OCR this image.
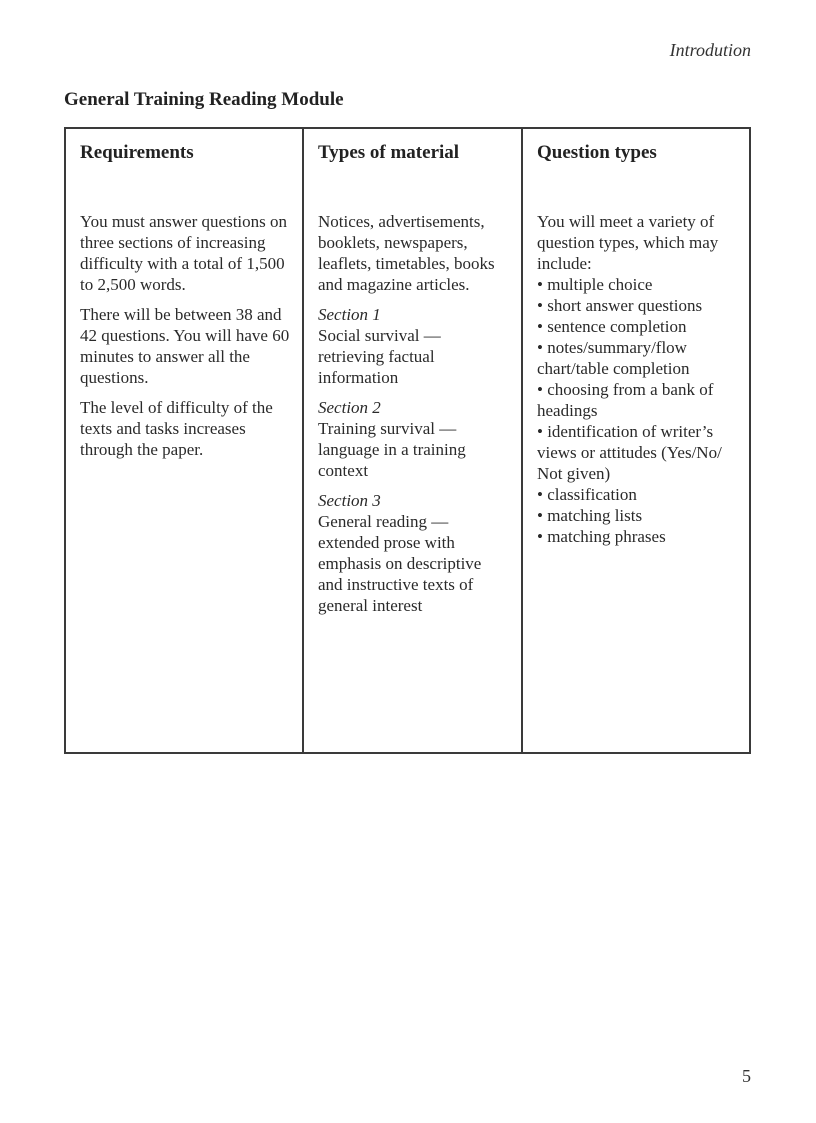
Introdution
General Training Reading Module
Requirements

You must answer questions on three sections of increasing difficulty with a total of 1,500 to 2,500 words.

There will be between 38 and 42 questions. You will have 60 minutes to answer all the questions.

The level of difficulty of the texts and tasks increases through the paper.

Types of material

Notices, advertisements, booklets, newspapers, leaflets, timetables, books and magazine articles.

Section 1
Social survival — retrieving factual information
Section 2
Training survival — language in a training context
Section 3
General reading — extended prose with emphasis on descriptive and instructive texts of general interest
Question types
You will meet a variety of question types, which may include:
• multiple choice
• short answer questions
• sentence completion
• notes/summary/flow chart/table completion
• choosing from a bank of headings
• identification of writer’s views or attitudes (Yes/No/ Not given)
• classification
• matching lists
• matching phrases
5
